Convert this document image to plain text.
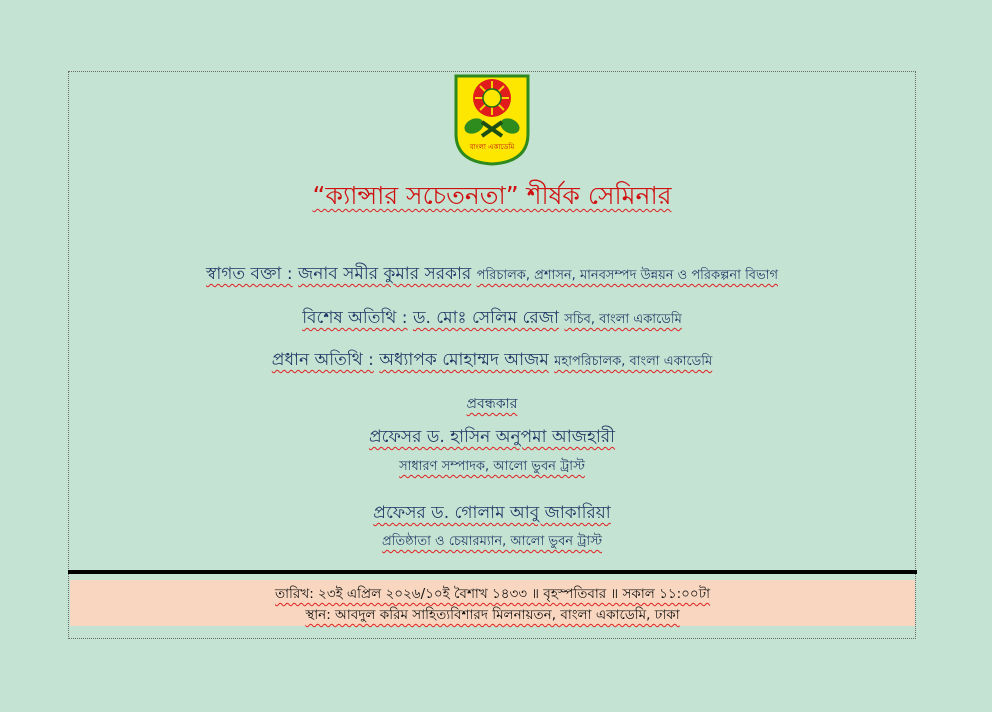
বাংলা একাডেমি
“ক্যান্সার সচেতনতা” শীর্ষক সেমিনার
স্বাগত বক্তা : জনাব সমীর কুমার সরকার পরিচালক, প্রশাসন, মানবসম্পদ উন্নয়ন ও পরিকল্পনা বিভাগ
বিশেষ অতিথি : ড. মোঃ সেলিম রেজা সচিব, বাংলা একাডেমি
প্রধান অতিথি : অধ্যাপক মোহাম্মদ আজম মহাপরিচালক, বাংলা একাডেমি
প্রবন্ধকার
প্রফেসর ড. হাসিন অনুপমা আজহারী
সাধারণ সম্পাদক, আলো ভুবন ট্রাস্ট
প্রফেসর ড. গোলাম আবু জাকারিয়া
প্রতিষ্ঠাতা ও চেয়ারম্যান, আলো ভুবন ট্রাস্ট
তারিখ: ২৩ই এপ্রিল ২০২৬/১০ই বৈশাখ ১৪৩৩ ॥ বৃহস্পতিবার ॥ সকাল ১১:০০টা
স্থান: আবদুল করিম সাহিত্যবিশারদ মিলনায়তন, বাংলা একাডেমি, ঢাকা
